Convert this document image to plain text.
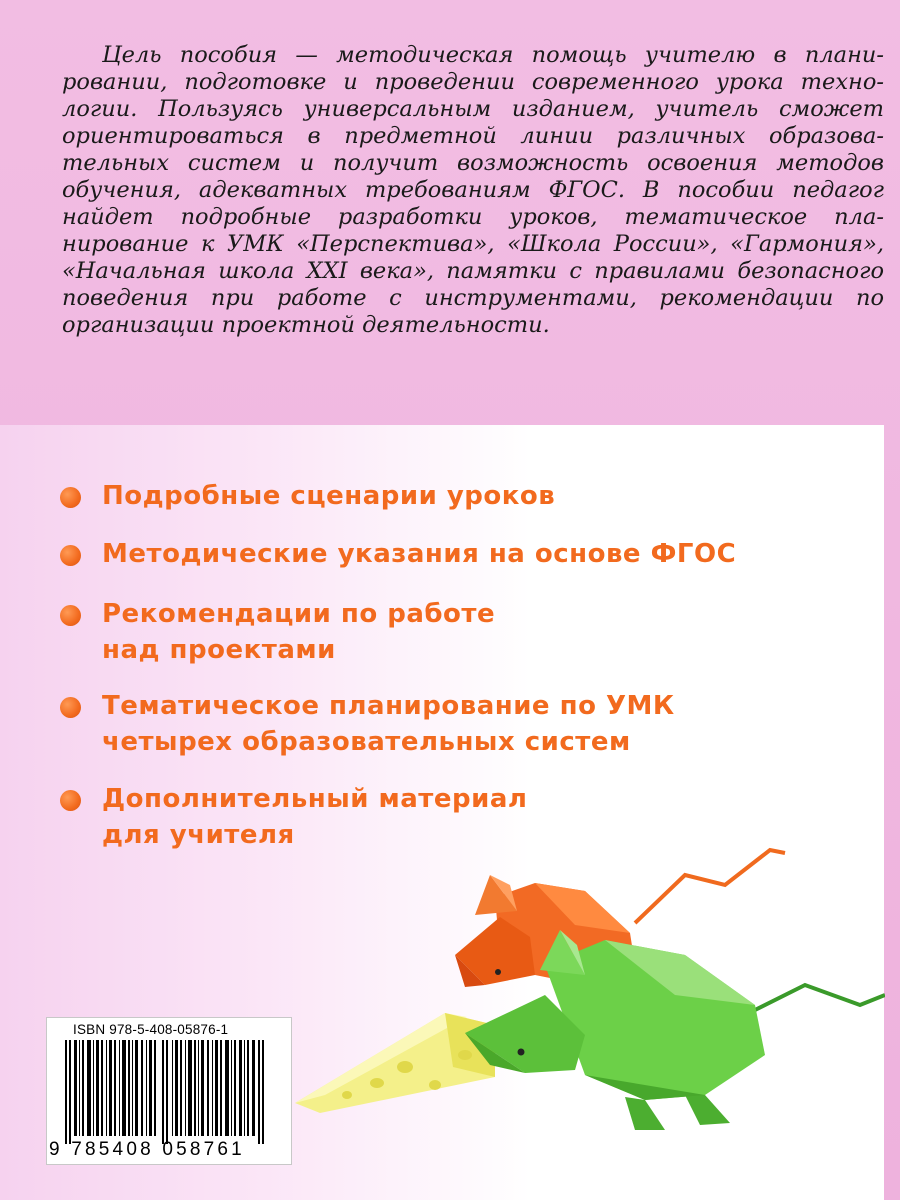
Цель пособия — методическая помощь учителю в планировании, подготовке и проведении современного урока технологии. Пользуясь универсальным изданием, учитель сможет ориентироваться в предметной линии различных образовательных систем и получит возможность освоения методов обучения, адекватных требованиям ФГОС. В пособии педагог найдет подробные разработки уроков, тематическое планирование к УМК «Перспектива», «Школа России», «Гармония», «Начальная школа XXI века», памятки с правилами безопасного поведения при работе с инструментами, рекомендации по организации проектной деятельности.

Подробные сценарии уроков
Методические указания на основе ФГОС
Рекомендации по работе
над проектами
Тематическое планирование по УМК
четырех образовательных систем
Дополнительный материал
для учителя
ISBN 978-5-408-05876-1
9 785408 058761
